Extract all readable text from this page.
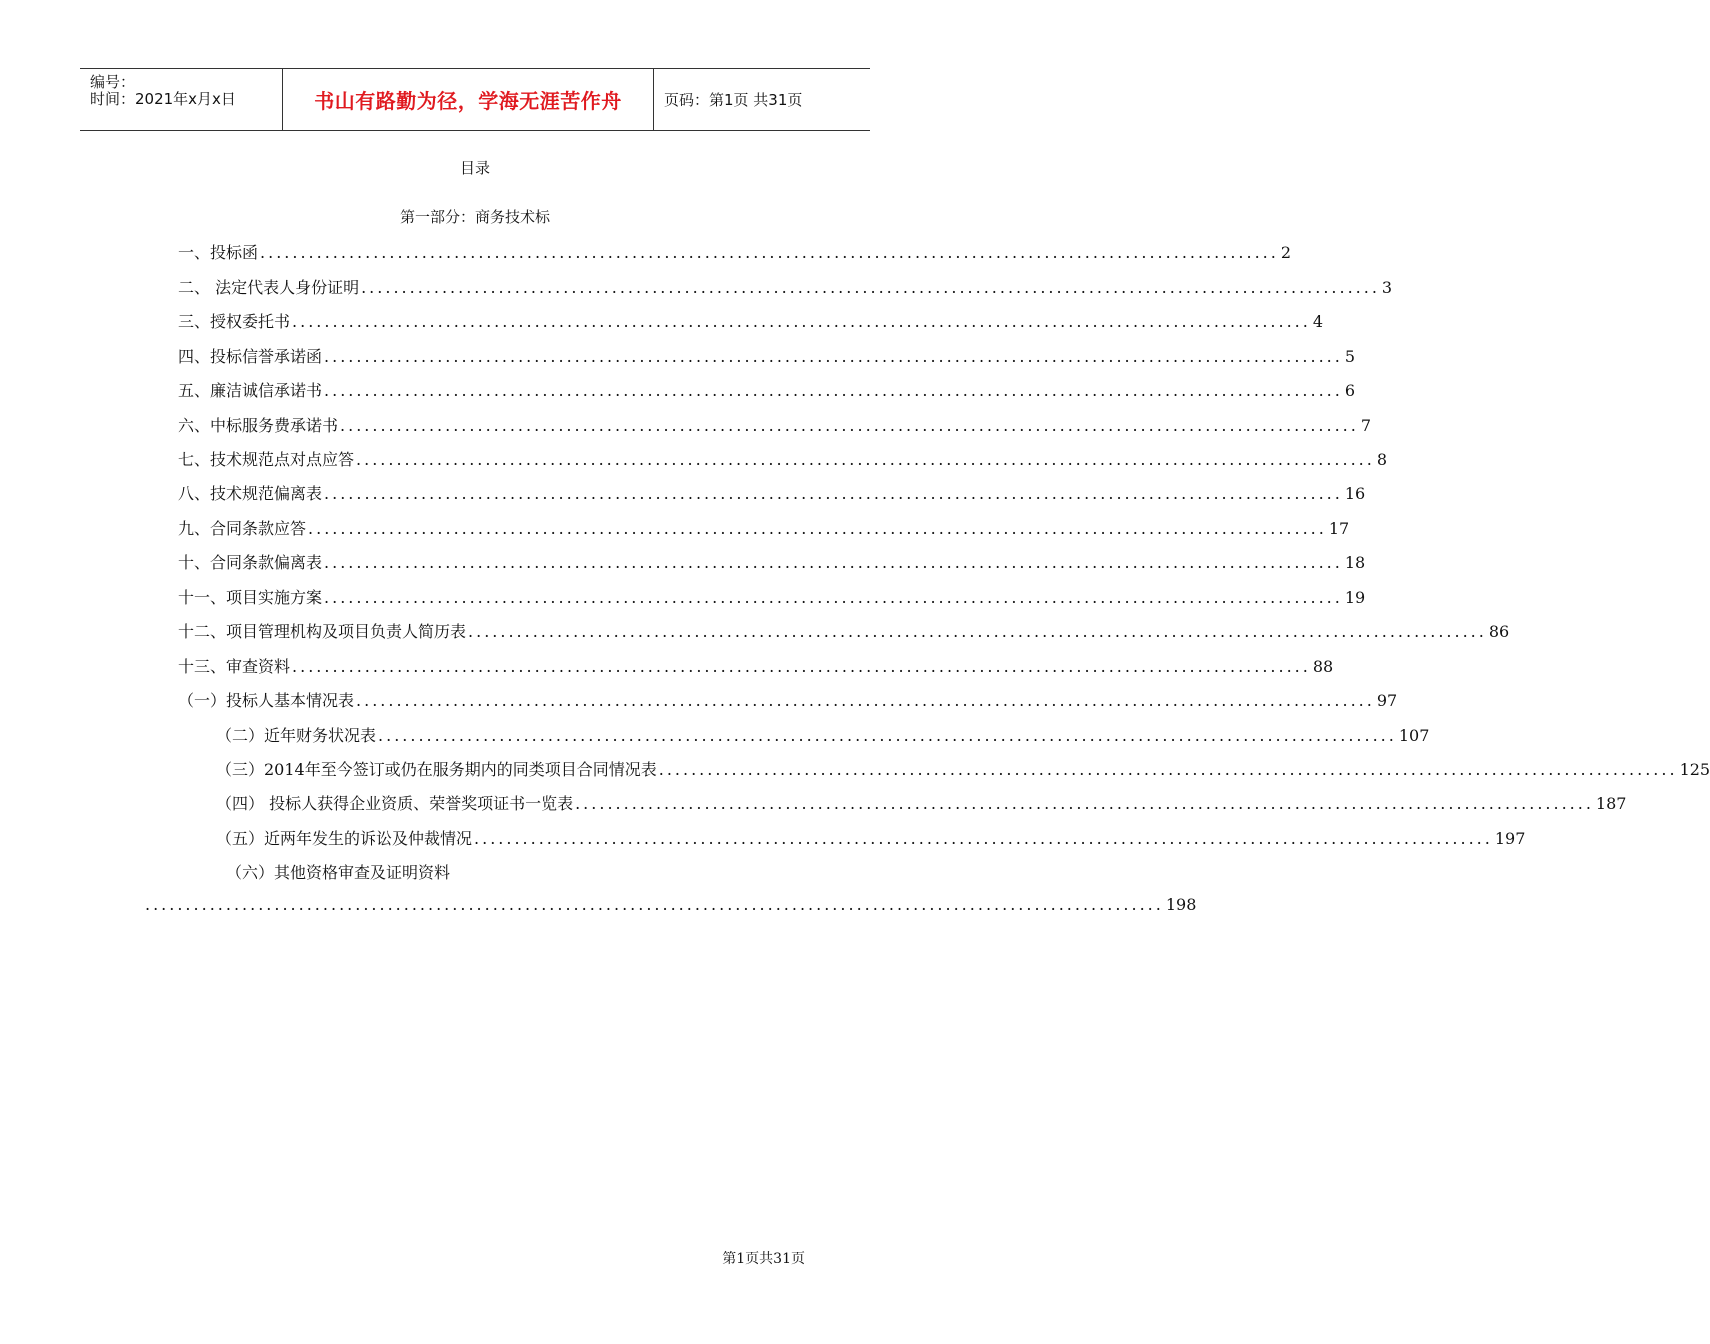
编号：
时间：2021年x月x日	书山有路勤为径，学海无涯苦作舟	页码：第1页 共31页
目录
第一部分：商务技术标
一、投标函 .............................................................................................................................. 2
二、 法定代表人身份证明 .............................................................................................................................. 3
三、授权委托书 .............................................................................................................................. 4
四、投标信誉承诺函 .............................................................................................................................. 5
五、廉洁诚信承诺书 .............................................................................................................................. 6
六、中标服务费承诺书 .............................................................................................................................. 7
七、技术规范点对点应答 .............................................................................................................................. 8
八、技术规范偏离表 .............................................................................................................................. 16
九、合同条款应答 .............................................................................................................................. 17
十、合同条款偏离表 .............................................................................................................................. 18
十一、项目实施方案 .............................................................................................................................. 19
十二、项目管理机构及项目负责人简历表 .............................................................................................................................. 86
十三、审查资料 .............................................................................................................................. 88
（一）投标人基本情况表 .............................................................................................................................. 97
（二）近年财务状况表 .............................................................................................................................. 107
（三）2014年至今签订或仍在服务期内的同类项目合同情况表 .............................................................................................................................. 125
（四） 投标人获得企业资质、荣誉奖项证书一览表 .............................................................................................................................. 187
（五）近两年发生的诉讼及仲裁情况 .............................................................................................................................. 197
（六）其他资格审查及证明资料
.............................................................................................................................. 198
第1页共31页
